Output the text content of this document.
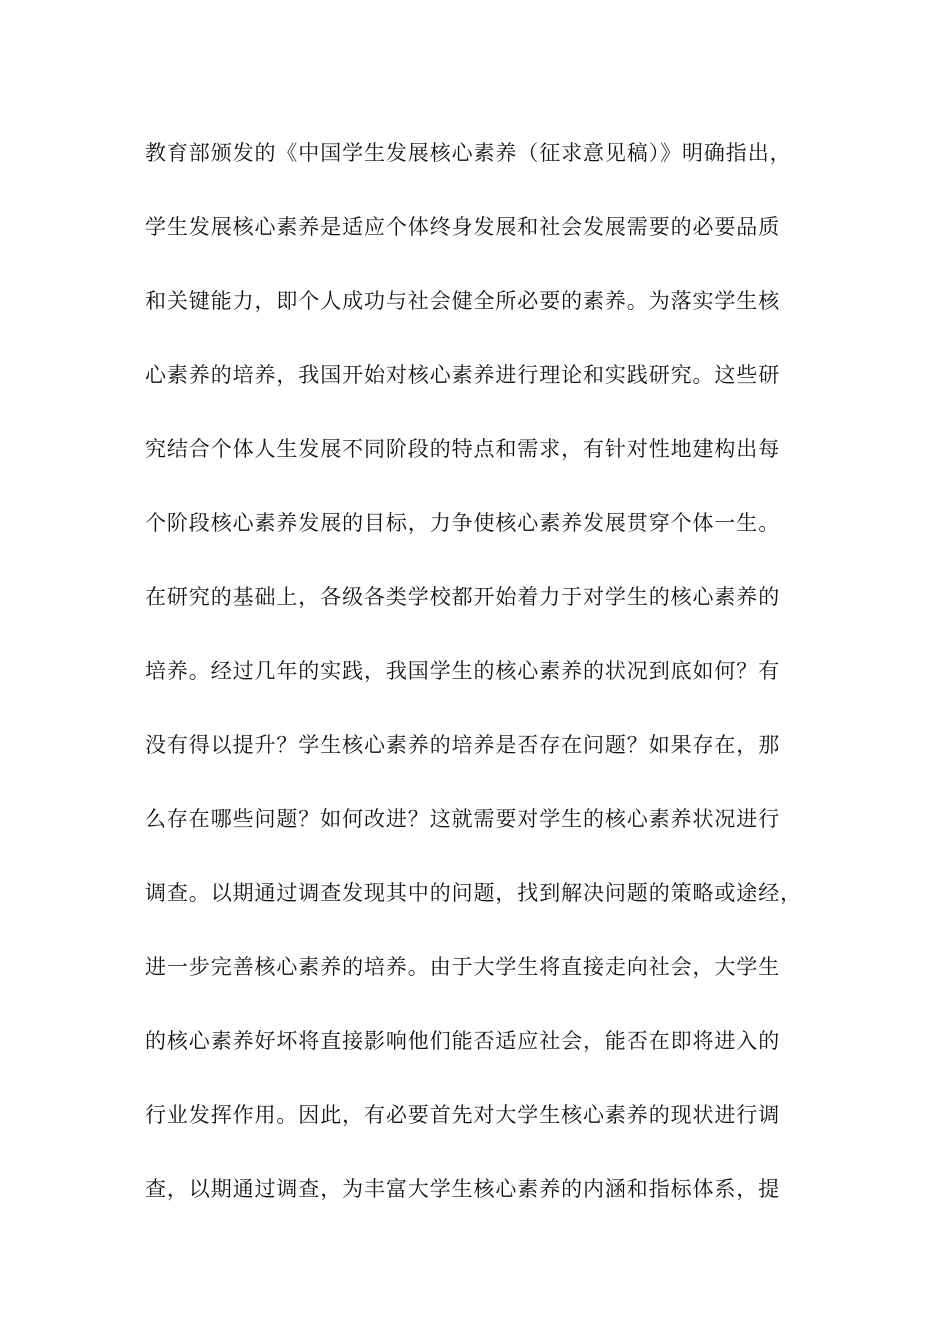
教育部颁发的《中国学生发展核心素养（征求意见稿）》明确指出，
学生发展核心素养是适应个体终身发展和社会发展需要的必要品质
和关键能力，即个人成功与社会健全所必要的素养。为落实学生核
心素养的培养，我国开始对核心素养进行理论和实践研究。这些研
究结合个体人生发展不同阶段的特点和需求，有针对性地建构出每
个阶段核心素养发展的目标，力争使核心素养发展贯穿个体一生。
在研究的基础上，各级各类学校都开始着力于对学生的核心素养的
培养。经过几年的实践，我国学生的核心素养的状况到底如何？有
没有得以提升？学生核心素养的培养是否存在问题？如果存在，那
么存在哪些问题？如何改进？这就需要对学生的核心素养状况进行
调查。以期通过调查发现其中的问题，找到解决问题的策略或途经，
进一步完善核心素养的培养。由于大学生将直接走向社会，大学生
的核心素养好坏将直接影响他们能否适应社会，能否在即将进入的
行业发挥作用。因此，有必要首先对大学生核心素养的现状进行调
查，以期通过调查，为丰富大学生核心素养的内涵和指标体系，提
